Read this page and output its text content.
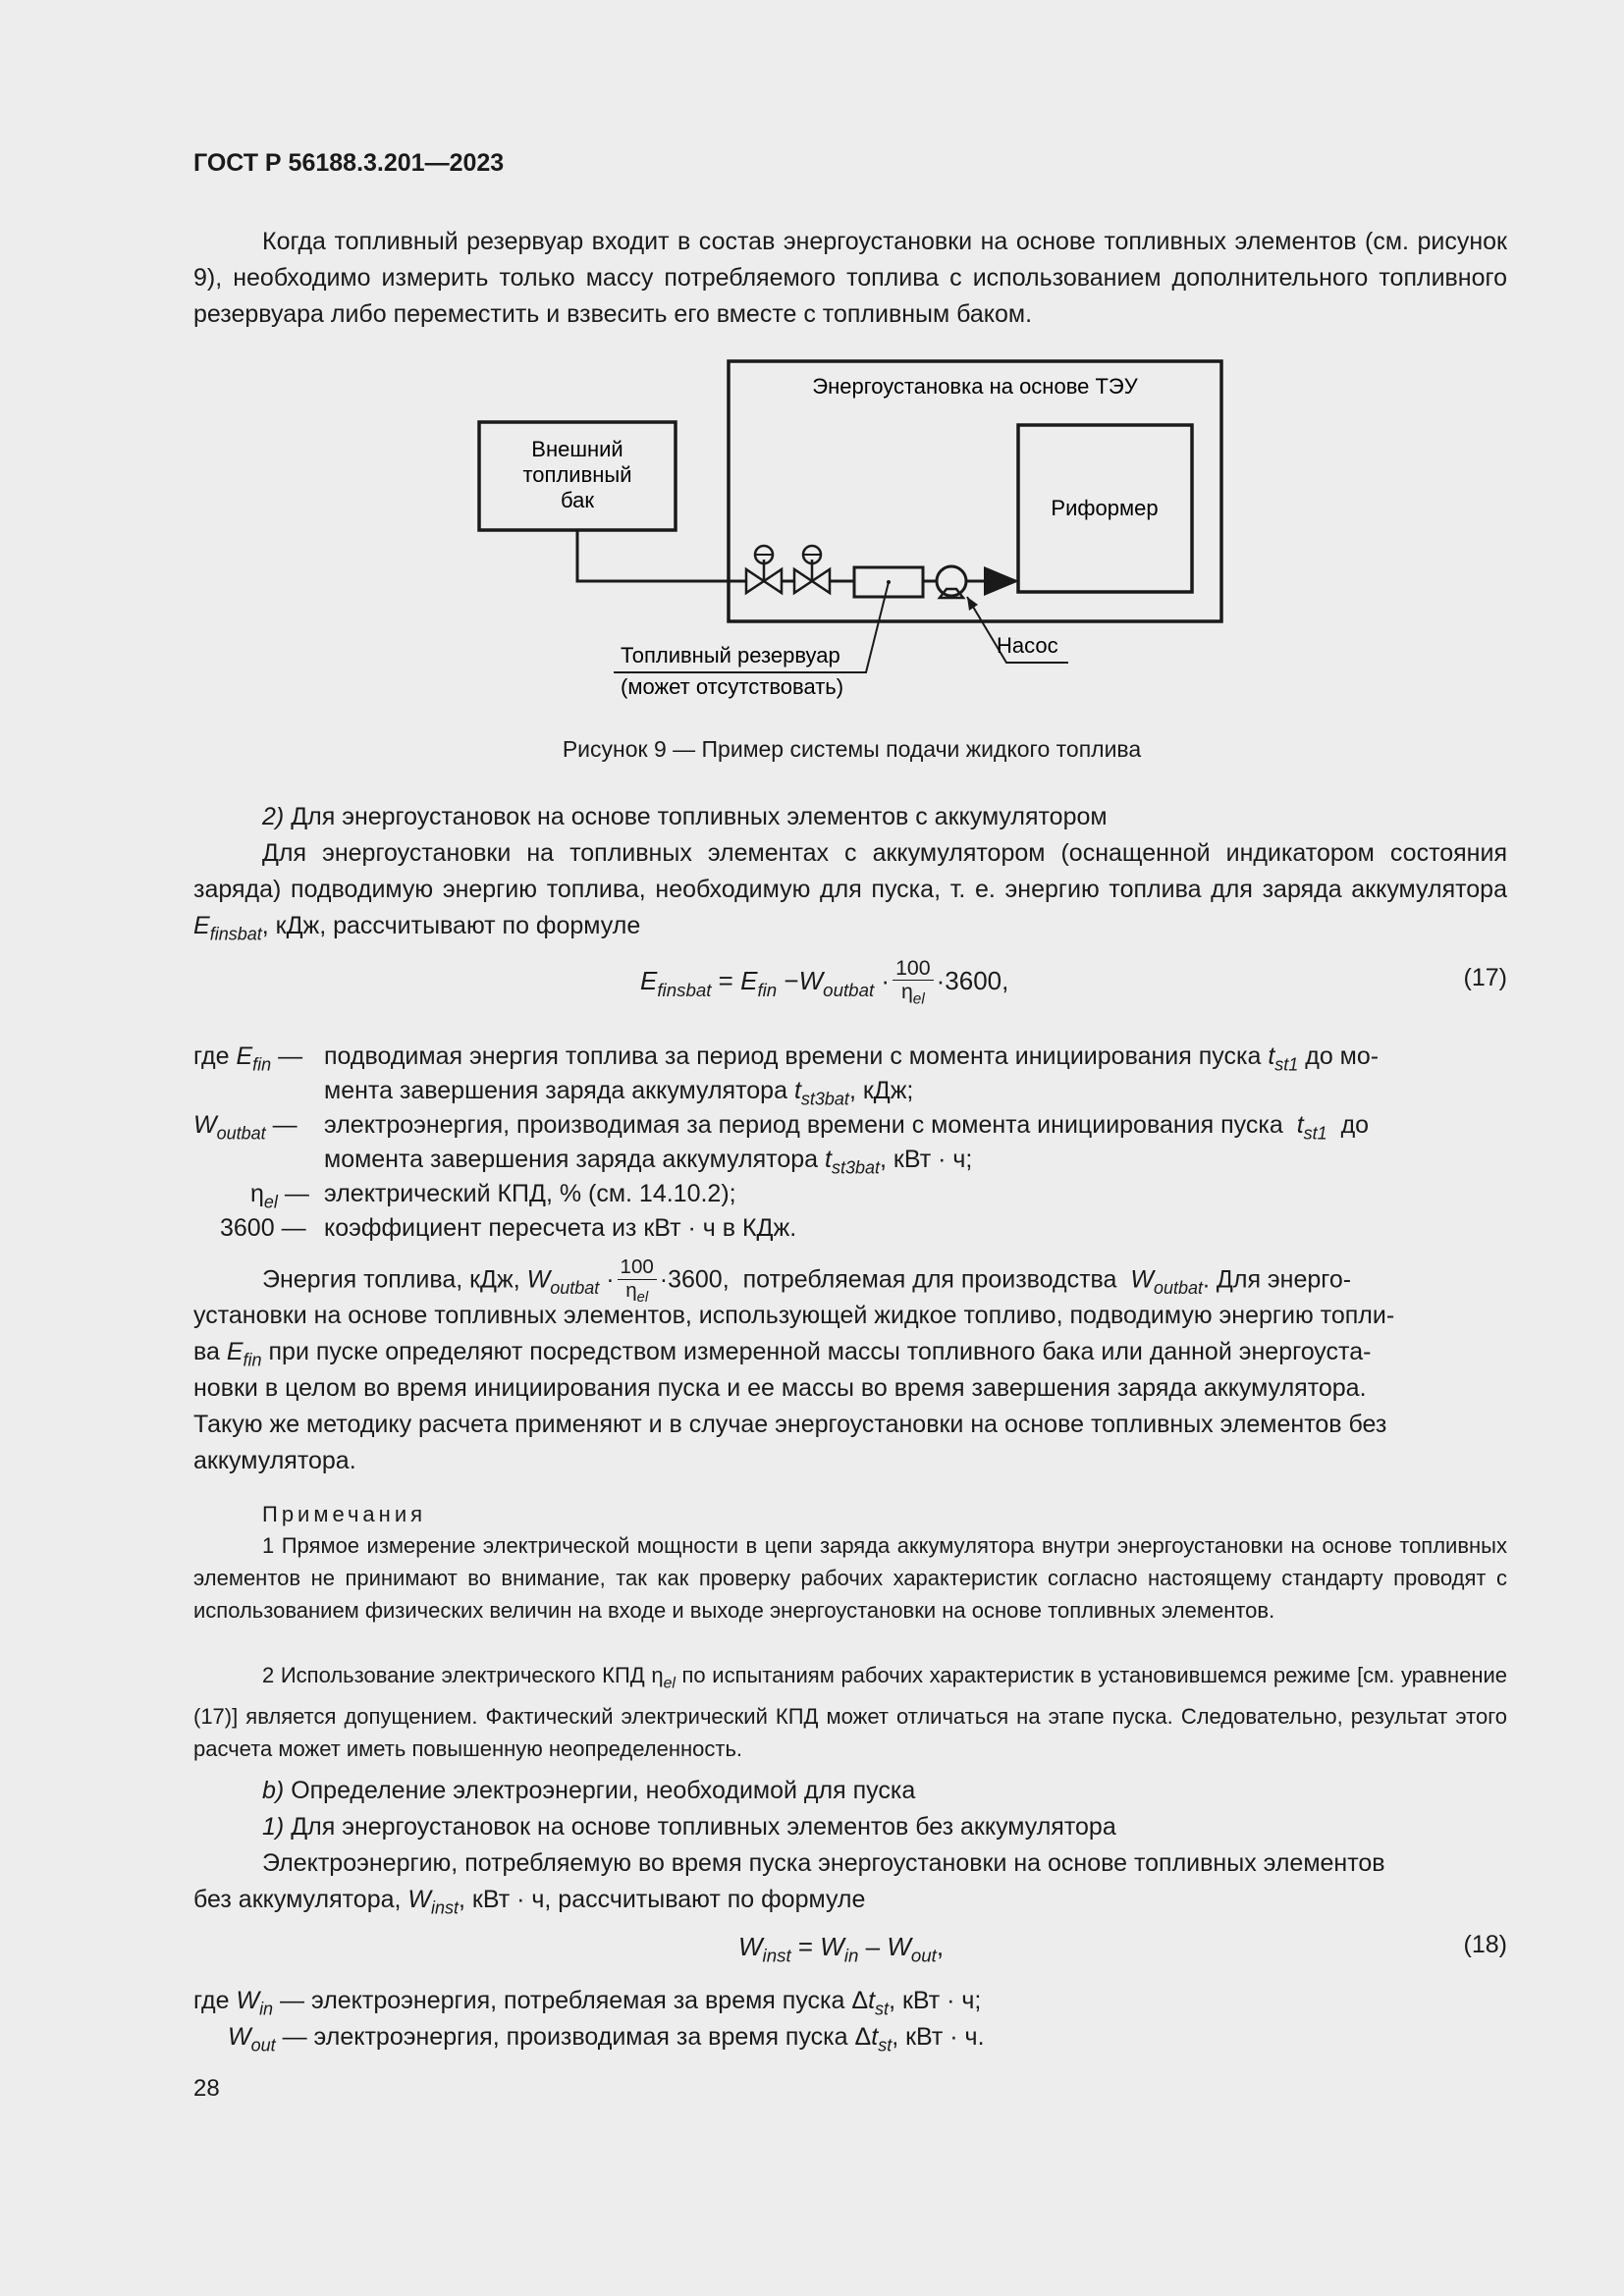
ГОСТ Р 56188.3.201—2023
Когда топливный резервуар входит в состав энергоустановки на основе топливных элементов (см. рисунок 9), необходимо измерить только массу потребляемого топлива с использованием дополнительного топливного резервуара либо переместить и взвесить его вместе с топливным баком.
Энергоустановка на основе ТЭУ
Внешний
топливный
бак	Риформер
Топливный резервуар
(может отсутствовать)
Насос
Рисунок 9 — Пример системы подачи жидкого топлива
2) Для энергоустановок на основе топливных элементов с аккумулятором
Для энергоустановки на топливных элементах с аккумулятором (оснащенной индикатором состояния заряда) подводимую энергию топлива, необходимую для пуска, т. е. энергию топлива для заряда аккумулятора $E_{finsbat}$, кДж, рассчитывают по формуле
$E_{finsbat} = E_{fin} -W_{outbat} \cdot \frac{100}{\eta_{el}} \cdot 3600$,	(17)
где $E_{fin}$ — подводимая энергия топлива за период времени с момента инициирования пуска $t_{st1}$ до мо-
мента завершения заряда аккумулятора $t_{st3bat}$, кДж;
$W_{outbat}$ — электроэнергия, производимая за период времени с момента инициирования пуска $t_{st1}$ до
момента завершения заряда аккумулятора $t_{st3bat}$, кВт · ч;
$\eta_{el}$ — электрический КПД, % (см. 14.10.2);
3600 — коэффициент пересчета из кВт · ч в КДж.
Энергия топлива, кДж, $W_{outbat} \cdot \frac{100}{\eta_{el}} \cdot 3600$,  потребляемая для производства $W_{outbat}$. Для энерго-
установки на основе топливных элементов, использующей жидкое топливо, подводимую энергию топли-
ва $E_{fin}$ при пуске определяют посредством измеренной массы топливного бака или данной энергоуста-
новки в целом во время инициирования пуска и ее массы во время завершения заряда аккумулятора.
Такую же методику расчета применяют и в случае энергоустановки на основе топливных элементов без
аккумулятора.
Примечания
1 Прямое измерение электрической мощности в цепи заряда аккумулятора внутри энергоустановки на основе топливных элементов не принимают во внимание, так как проверку рабочих характеристик согласно настоящему стандарту проводят с использованием физических величин на входе и выходе энергоустановки на основе топливных элементов.
2 Использование электрического КПД $\eta_{el}$ по испытаниям рабочих характеристик в установившемся режиме [см. уравнение (17)] является допущением. Фактический электрический КПД может отличаться на этапе пуска. Следовательно, результат этого расчета может иметь повышенную неопределенность.
b) Определение электроэнергии, необходимой для пуска
1) Для энергоустановок на основе топливных элементов без аккумулятора
Электроэнергию, потребляемую во время пуска энергоустановки на основе топливных элементов
без аккумулятора, $W_{inst}$, кВт · ч, рассчитывают по формуле
$W_{inst} = W_{in} - W_{out}$,	(18)
где $W_{in}$ — электроэнергия, потребляемая за время пуска $\Delta t_{st}$, кВт · ч;
$W_{out}$ — электроэнергия, производимая за время пуска $\Delta t_{st}$, кВт · ч.
28
